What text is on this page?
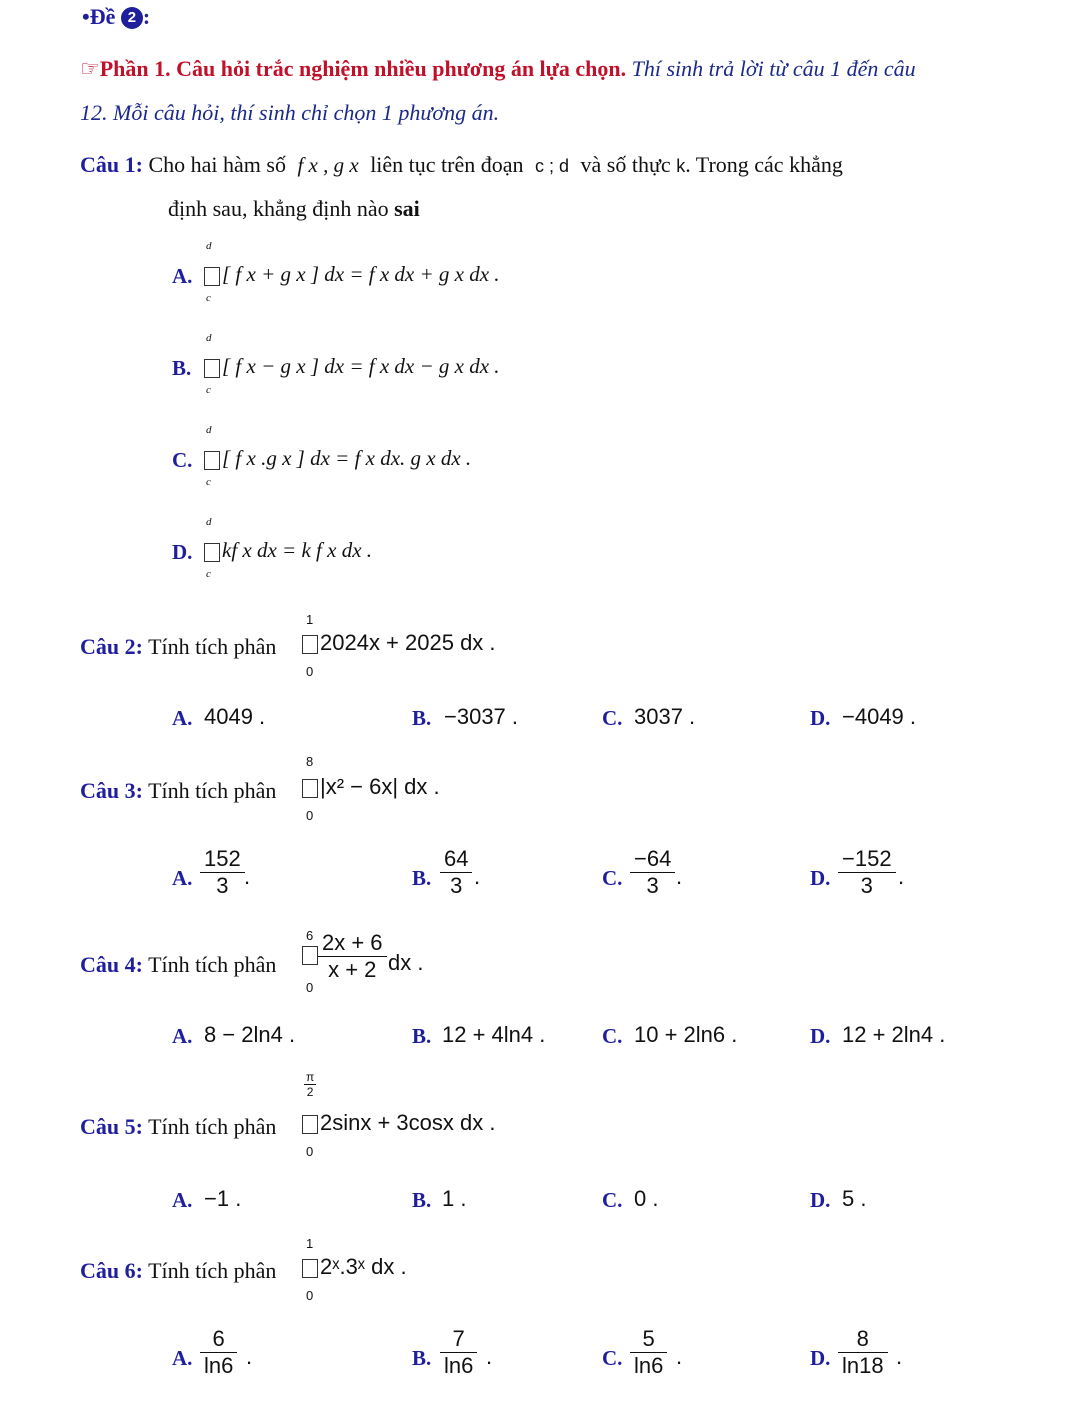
•Đề 2 :
☞Phần 1. Câu hỏi trắc nghiệm nhiều phương án lựa chọn. Thí sinh trả lời từ câu 1 đến câu
12. Mỗi câu hỏi, thí sinh chỉ chọn 1 phương án.
Câu 1: Cho hai hàm số f x , g x liên tục trên đoạn c ; d và số thực k. Trong các khẳng
định sau, khẳng định nào sai
A.
d
c
[ f x + g x ] dx = f x dx + g x dx .
B.
d
c
[ f x − g x ] dx = f x dx − g x dx .
C.
d
c
[ f x .g x ] dx = f x dx. g x dx .
D.
d
c
kf x dx = k f x dx .
Câu 2: Tính tích phân
1
0
2024x + 2025 dx .
A. 4049 .	B. −3037 .	C. 3037 .	D. −4049 .
Câu 3: Tính tích phân
8
0
|x² − 6x| dx .
A. $\frac{152}{3}$ .	B. $\frac{64}{3}$ .	C. $\frac{-64}{3}$ .	D. $\frac{-152}{3}$ .
Câu 4: Tính tích phân
6
0
$\frac{2x + 6}{x + 2}$ dx .
A. 8 − 2ln4 .	B. 12 + 4ln4 .	C. 10 + 2ln6 .	D. 12 + 2ln4 .
Câu 5: Tính tích phân
π
2
0
2sinx + 3cosx dx .
A. −1 .	B. 1 .	C. 0 .	D. 5 .
Câu 6: Tính tích phân
1
0
2ˣ.3ˣ dx .
A. $\frac{6}{\ln 6}$ .	B. $\frac{7}{\ln 6}$ .	C. $\frac{5}{\ln 6}$ .	D. $\frac{8}{\ln 18}$ .
